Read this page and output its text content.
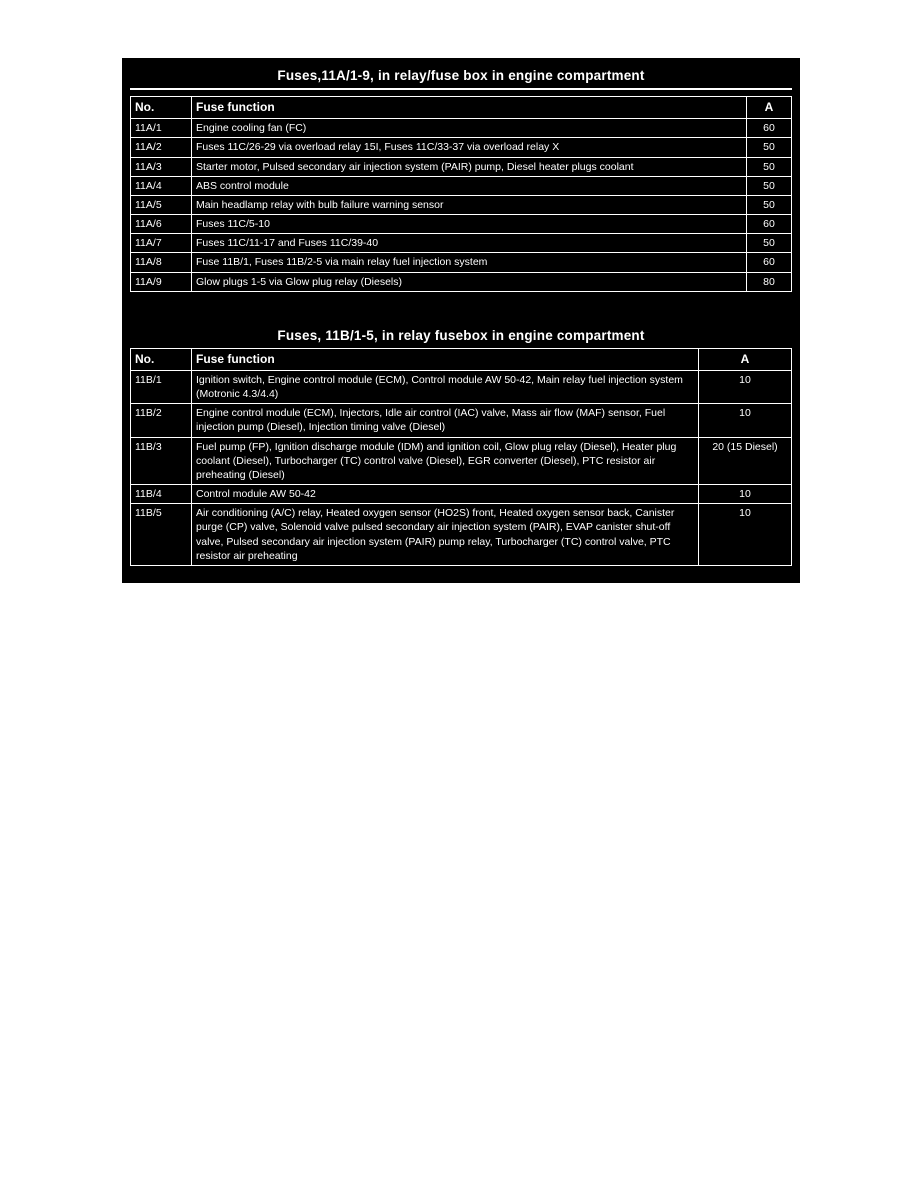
Fuses,11A/1-9, in relay/fuse box in engine compartment
No.	Fuse function	A
11A/1	Engine cooling fan (FC)	60
11A/2	Fuses 11C/26-29 via overload relay 15I, Fuses 11C/33-37 via overload relay X	50
11A/3	Starter motor, Pulsed secondary air injection system (PAIR) pump, Diesel heater plugs coolant	50
11A/4	ABS control module	50
11A/5	Main headlamp relay with bulb failure warning sensor	50
11A/6	Fuses 11C/5-10	60
11A/7	Fuses 11C/11-17 and Fuses 11C/39-40	50
11A/8	Fuse 11B/1, Fuses 11B/2-5 via main relay fuel injection system	60
11A/9	Glow plugs 1-5 via Glow plug relay (Diesels)	80
Fuses, 11B/1-5, in relay fusebox in engine compartment
No.	Fuse function	A
11B/1	Ignition switch, Engine control module (ECM), Control module AW 50-42, Main relay fuel injection system (Motronic 4.3/4.4)	10
11B/2	Engine control module (ECM), Injectors, Idle air control (IAC) valve, Mass air flow (MAF) sensor, Fuel injection pump (Diesel), Injection timing valve (Diesel)	10
11B/3	Fuel pump (FP), Ignition discharge module (IDM) and ignition coil, Glow plug relay (Diesel), Heater plug coolant (Diesel), Turbocharger (TC) control valve (Diesel), EGR converter (Diesel), PTC resistor air preheating (Diesel)	20 (15 Diesel)
11B/4	Control module AW 50-42	10
11B/5	Air conditioning (A/C) relay, Heated oxygen sensor (HO2S) front, Heated oxygen sensor back, Canister purge (CP) valve, Solenoid valve pulsed secondary air injection system (PAIR), EVAP canister shut-off valve, Pulsed secondary air injection system (PAIR) pump relay, Turbocharger (TC) control valve, PTC resistor air preheating	10
